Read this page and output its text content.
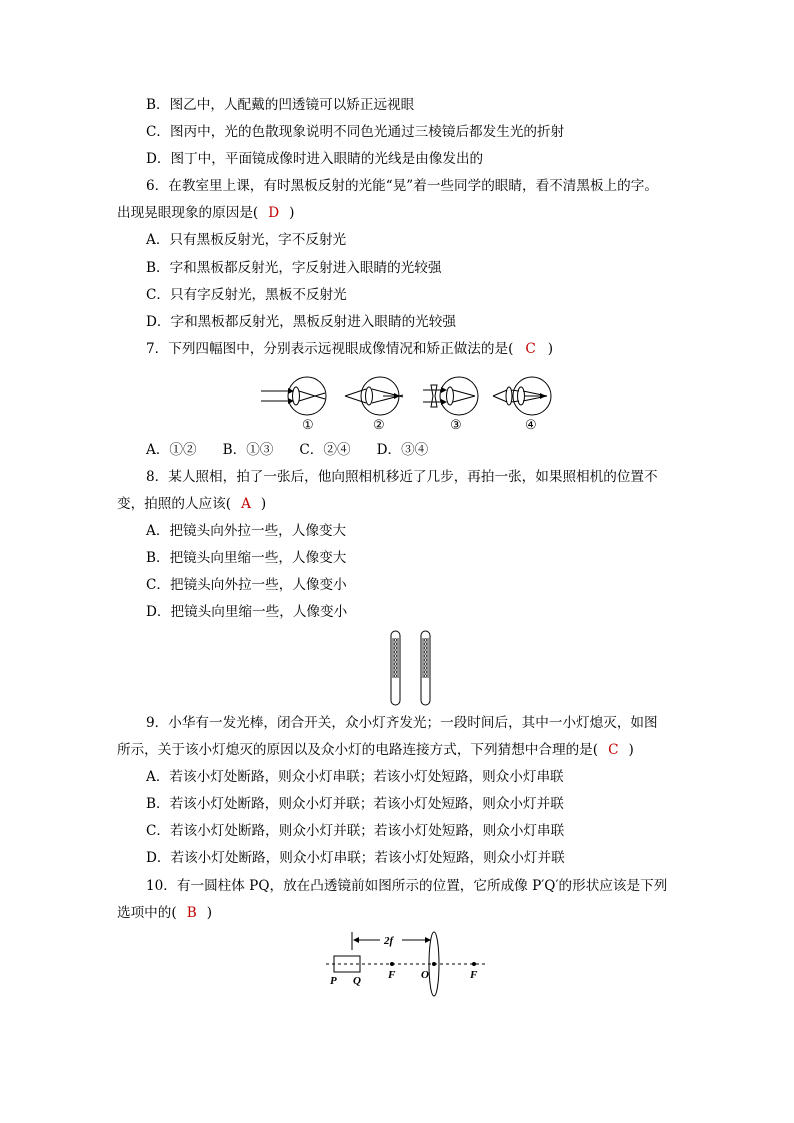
B．图乙中，人配戴的凹透镜可以矫正远视眼
C．图丙中，光的色散现象说明不同色光通过三棱镜后都发生光的折射
D．图丁中，平面镜成像时进入眼睛的光线是由像发出的
6．在教室里上课，有时黑板反射的光能“晃”着一些同学的眼睛，看不清黑板上的字。
出现晃眼现象的原因是( D )
A．只有黑板反射光，字不反射光
B．字和黑板都反射光，字反射进入眼睛的光较强
C．只有字反射光，黑板不反射光
D．字和黑板都反射光，黑板反射进入眼睛的光较强
7．下列四幅图中，分别表示远视眼成像情况和矫正做法的是( C )
①	②	③	④
A．①② B．①③ C．②④ D．③④
8．某人照相，拍了一张后，他向照相机移近了几步，再拍一张，如果照相机的位置不
变，拍照的人应该( A )
A．把镜头向外拉一些，人像变大
B．把镜头向里缩一些，人像变大
C．把镜头向外拉一些，人像变小
D．把镜头向里缩一些，人像变小
9．小华有一发光棒，闭合开关，众小灯齐发光；一段时间后，其中一小灯熄灭，如图
所示，关于该小灯熄灭的原因以及众小灯的电路连接方式，下列猜想中合理的是( C )
A．若该小灯处断路，则众小灯串联；若该小灯处短路，则众小灯串联
B．若该小灯处断路，则众小灯并联；若该小灯处短路，则众小灯并联
C．若该小灯处断路，则众小灯并联；若该小灯处短路，则众小灯串联
D．若该小灯处断路，则众小灯串联；若该小灯处短路，则众小灯并联
10．有一圆柱体 PQ，放在凸透镜前如图所示的位置，它所成像 P′Q′的形状应该是下列
选项中的( B )
2f
P Q F O	F
